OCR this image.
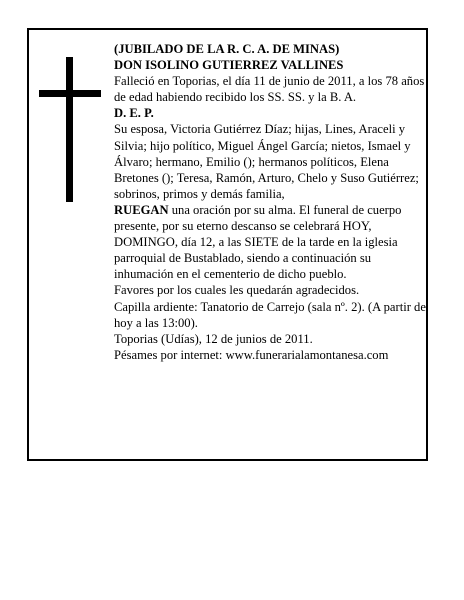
(JUBILADO DE LA R. C. A. DE MINAS)

DON ISOLINO GUTIERREZ VALLINES

Falleció en Toporias, el día 11 de junio de 2011, a los 78 años de edad habiendo recibido los SS. SS. y la B. A.

D. E. P.

Su esposa, Victoria Gutiérrez Díaz; hijas, Lines, Araceli y Silvia; hijo político, Miguel Ángel García; nietos, Ismael y Álvaro; hermano, Emilio (); hermanos políticos, Elena Bretones (); Teresa, Ramón, Arturo, Chelo y Suso Gutiérrez; sobrinos, primos y demás familia,

RUEGAN una oración por su alma. El funeral de cuerpo presente, por su eterno descanso se celebrará HOY, DOMINGO, día 12, a las SIETE de la tarde en la iglesia parroquial de Bustablado, siendo a continuación su inhumación en el cementerio de dicho pueblo.

Favores por los cuales les quedarán agradecidos.

Capilla ardiente: Tanatorio de Carrejo (sala nº. 2). (A partir de hoy a las 13:00).

Toporias (Udías), 12 de junios de 2011.

Pésames por internet: www.funerarialamontanesa.com
